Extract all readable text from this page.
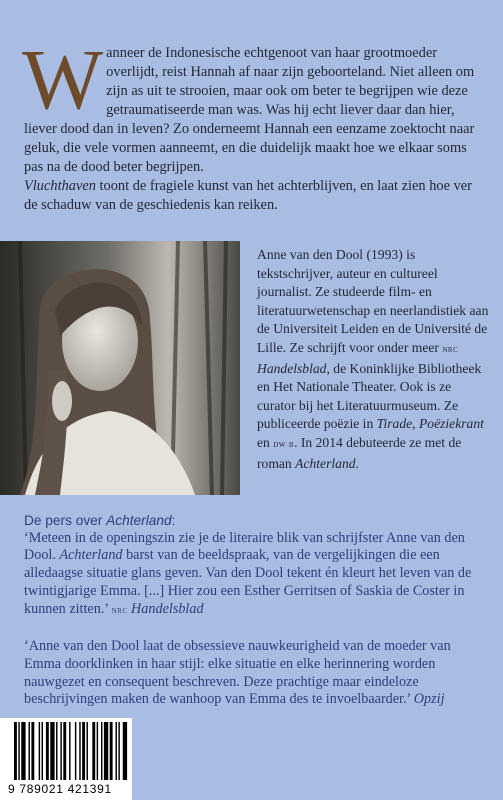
W anneer de Indonesische echtgenoot van haar grootmoeder overlijdt, reist Hannah af naar zijn geboorteland. Niet alleen om zijn as uit te strooien, maar ook om beter te begrijpen wie deze getraumatiseerde man was. Was hij echt liever daar dan hier, liever dood dan in leven? Zo onderneemt Hannah een eenzame zoektocht naar geluk, die vele vormen aanneemt, en die duidelijk maakt hoe we elkaar soms pas na de dood beter begrijpen.

Vluchthaven toont de fragiele kunst van het achterblijven, en laat zien hoe ver de schaduw van de geschiedenis kan reiken.

Anne van den Dool (1993) is tekstschrijver, auteur en cultureel journalist. Ze studeerde film- en literatuurwetenschap en neerlandistiek aan de Universiteit Leiden en de Université de Lille. Ze schrijft voor onder meer nrc Handelsblad, de Koninklijke Bibliotheek en Het Nationale Theater. Ook is ze curator bij het Literatuurmuseum. Ze publiceerde poëzie in Tirade, Poëziekrant en dw b. In 2014 debuteerde ze met de roman Achterland.

De pers over Achterland:

‘Meteen in de openingszin zie je de literaire blik van schrijfster Anne van den Dool. Achterland barst van de beeldspraak, van de vergelijkingen die een alledaagse situatie glans geven. Van den Dool tekent én kleurt het leven van de twintigjarige Emma. [...] Hier zou een Esther Gerritsen of Saskia de Coster in kunnen zitten.’ nrc Handelsblad

‘Anne van den Dool laat de obsessieve nauwkeurigheid van de moeder van Emma doorklinken in haar stijl: elke situatie en elke herinnering worden nauwgezet en consequent beschreven. Deze prachtige maar eindeloze beschrijvingen maken de wanhoop van Emma des te invoelbaarder.’ Opzij

9 789021 421391
